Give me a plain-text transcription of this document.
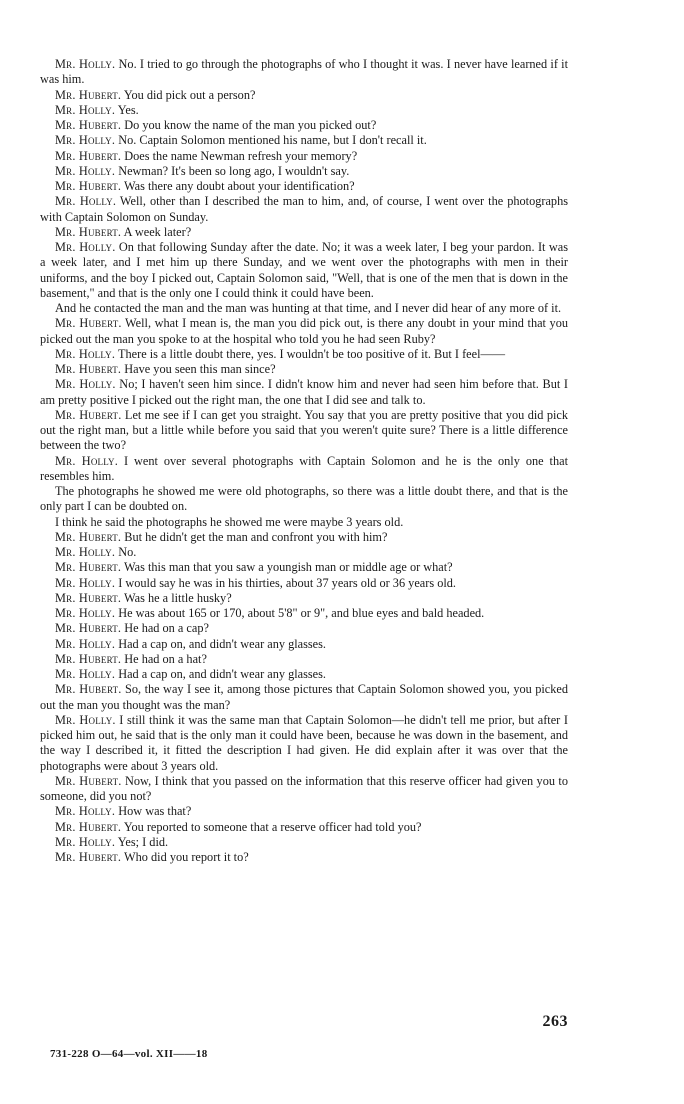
Mr. Holly. No. I tried to go through the photographs of who I thought it was. I never have learned if it was him.

Mr. Hubert. You did pick out a person?

Mr. Holly. Yes.

Mr. Hubert. Do you know the name of the man you picked out?

Mr. Holly. No. Captain Solomon mentioned his name, but I don't recall it.

Mr. Hubert. Does the name Newman refresh your memory?

Mr. Holly. Newman? It's been so long ago, I wouldn't say.

Mr. Hubert. Was there any doubt about your identification?

Mr. Holly. Well, other than I described the man to him, and, of course, I went over the photographs with Captain Solomon on Sunday.

Mr. Hubert. A week later?

Mr. Holly. On that following Sunday after the date. No; it was a week later, I beg your pardon. It was a week later, and I met him up there Sunday, and we went over the photographs with men in their uniforms, and the boy I picked out, Captain Solomon said, "Well, that is one of the men that is down in the basement," and that is the only one I could think it could have been.

And he contacted the man and the man was hunting at that time, and I never did hear of any more of it.

Mr. Hubert. Well, what I mean is, the man you did pick out, is there any doubt in your mind that you picked out the man you spoke to at the hospital who told you he had seen Ruby?

Mr. Holly. There is a little doubt there, yes. I wouldn't be too positive of it. But I feel——

Mr. Hubert. Have you seen this man since?

Mr. Holly. No; I haven't seen him since. I didn't know him and never had seen him before that. But I am pretty positive I picked out the right man, the one that I did see and talk to.

Mr. Hubert. Let me see if I can get you straight. You say that you are pretty positive that you did pick out the right man, but a little while before you said that you weren't quite sure? There is a little difference between the two?

Mr. Holly. I went over several photographs with Captain Solomon and he is the only one that resembles him.

The photographs he showed me were old photographs, so there was a little doubt there, and that is the only part I can be doubted on.

I think he said the photographs he showed me were maybe 3 years old.

Mr. Hubert. But he didn't get the man and confront you with him?

Mr. Holly. No.

Mr. Hubert. Was this man that you saw a youngish man or middle age or what?

Mr. Holly. I would say he was in his thirties, about 37 years old or 36 years old.

Mr. Hubert. Was he a little husky?

Mr. Holly. He was about 165 or 170, about 5'8" or 9", and blue eyes and bald headed.

Mr. Hubert. He had on a cap?

Mr. Holly. Had a cap on, and didn't wear any glasses.

Mr. Hubert. He had on a hat?

Mr. Holly. Had a cap on, and didn't wear any glasses.

Mr. Hubert. So, the way I see it, among those pictures that Captain Solomon showed you, you picked out the man you thought was the man?

Mr. Holly. I still think it was the same man that Captain Solomon—he didn't tell me prior, but after I picked him out, he said that is the only man it could have been, because he was down in the basement, and the way I described it, it fitted the description I had given. He did explain after it was over that the photographs were about 3 years old.

Mr. Hubert. Now, I think that you passed on the information that this reserve officer had given you to someone, did you not?

Mr. Holly. How was that?

Mr. Hubert. You reported to someone that a reserve officer had told you?

Mr. Holly. Yes; I did.

Mr. Hubert. Who did you report it to?

263
731-228 O—64—vol. XII——18
